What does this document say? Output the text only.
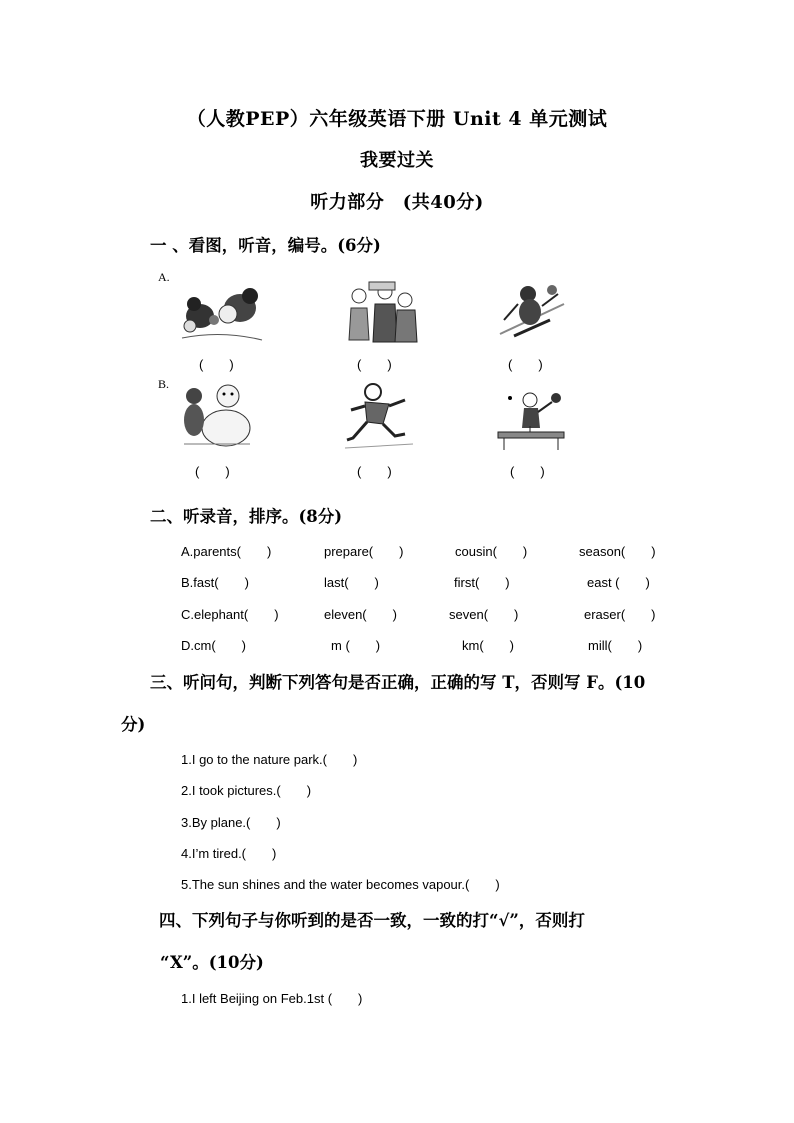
（人教PEP）六年级英语下册 Unit 4 单元测试
我要过关
听力部分　(共40分)
一 、看图，听音，编号。(6分)
A.
B.
(　　)	(　　)	(　　)
(　　)	(　　)	(　　)
二、听录音，排序。(8分)
A.parents(　　)	prepare(　　)	cousin(　　)	season(　　)
B.fast(　　)	last(　　)	first(　　)	east (　　)
C.elephant(　　)	eleven(　　)	seven(　　)	eraser(　　)
D.cm(　　)	m (　　)	km(　　)	mill(　　)
三、听问句，判断下列答句是否正确，正确的写 T，否则写 F。(10
分)
1.I go to the nature park.(　　)
2.I took pictures.(　　)
3.By plane.(　　)
4.I’m tired.(　　)
5.The sun shines and the water becomes vapour.(　　)
四、下列句子与你听到的是否一致，一致的打“√”，否则打
“X”。(10分)
1.I left Beijing on Feb.1st (　　)
